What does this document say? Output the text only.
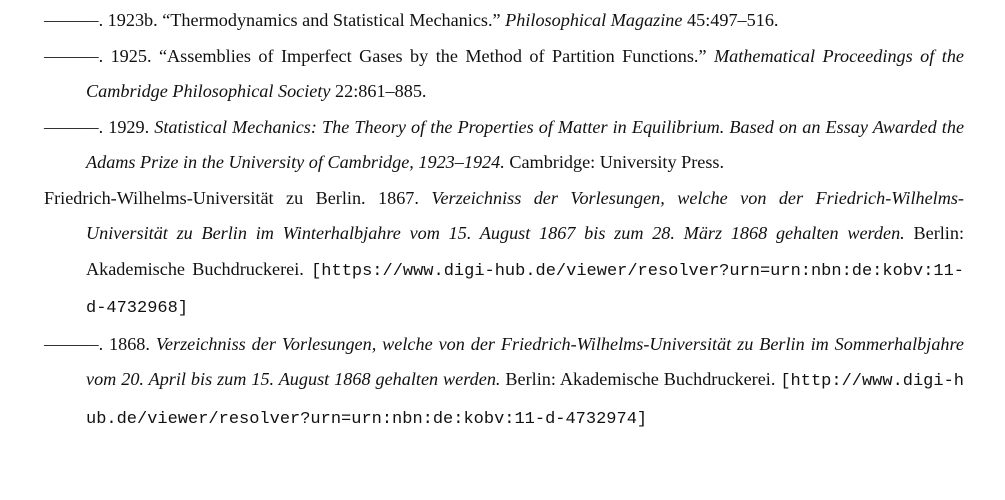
———. 1923b. “Thermodynamics and Statistical Mechanics.” Philosophical Magazine 45:497–516.

———. 1925. “Assemblies of Imperfect Gases by the Method of Partition Functions.” Mathematical Proceedings of the Cambridge Philosophical Society 22:861–885.

———. 1929. Statistical Mechanics: The Theory of the Properties of Matter in Equilibrium. Based on an Essay Awarded the Adams Prize in the University of Cambridge, 1923–1924. Cambridge: University Press.

Friedrich-Wilhelms-Universität zu Berlin. 1867. Verzeichniss der Vorlesungen, welche von der Friedrich-Wilhelms-Universität zu Berlin im Winterhalbjahre vom 15. August 1867 bis zum 28. März 1868 gehalten werden. Berlin: Akademische Buchdruckerei. [https://www.digi-hub.de/viewer/resolver?urn=urn:nbn:de:kobv:11-d-4732968]

———. 1868. Verzeichniss der Vorlesungen, welche von der Friedrich-Wilhelms-Universität zu Berlin im Sommerhalbjahre vom 20. April bis zum 15. August 1868 gehalten werden. Berlin: Akademische Buchdruckerei. [http://www.digi-hub.de/viewer/resolver?urn=urn:nbn:de:kobv:11-d-4732974]
